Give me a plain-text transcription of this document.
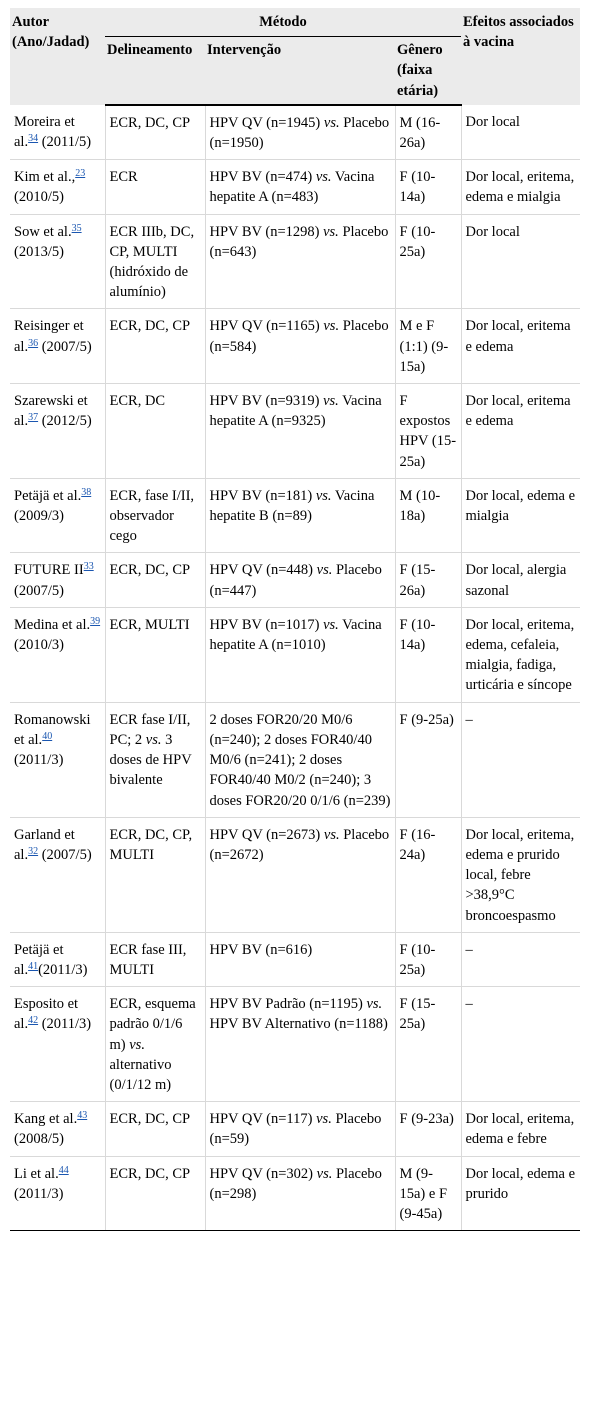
Autor (Ano/Jadad)	Método			Efeitos associados à vacina
	Delineamento	Intervenção	Gênero (faixa etária)	
Moreira et al.$^{34}$ (2011/5)	ECR, DC, CP	HPV QV (n=1945) vs. Placebo (n=1950)	M (16-26a)	Dor local
Kim et al.,$^{23}$ (2010/5)	ECR	HPV BV (n=474) vs. Vacina hepatite A (n=483)	F (10-14a)	Dor local, eritema, edema e mialgia
Sow et al.$^{35}$ (2013/5)	ECR IIIb, DC, CP, MULTI (hidróxido de alumínio)	HPV BV (n=1298) vs. Placebo (n=643)	F (10-25a)	Dor local
Reisinger et al.$^{36}$ (2007/5)	ECR, DC, CP	HPV QV (n=1165) vs. Placebo (n=584)	M e F (1:1) (9-15a)	Dor local, eritema e edema
Szarewski et al.$^{37}$ (2012/5)	ECR, DC	HPV BV (n=9319) vs. Vacina hepatite A (n=9325)	F expostos HPV (15-25a)	Dor local, eritema e edema
Petäjä et al.$^{38}$ (2009/3)	ECR, fase I/II, observador cego	HPV BV (n=181) vs. Vacina hepatite B (n=89)	M (10-18a)	Dor local, edema e mialgia
FUTURE II$^{33}$ (2007/5)	ECR, DC, CP	HPV QV (n=448) vs. Placebo (n=447)	F (15-26a)	Dor local, alergia sazonal
Medina et al.$^{39}$ (2010/3)	ECR, MULTI	HPV BV (n=1017) vs. Vacina hepatite A (n=1010)	F (10-14a)	Dor local, eritema, edema, cefaleia, mialgia, fadiga, urticária e síncope
Romanowski et al.$^{40}$ (2011/3)	ECR fase I/II, PC; 2 vs. 3 doses de HPV bivalente	2 doses FOR20/20 M0/6 (n=240); 2 doses FOR40/40 M0/6 (n=241); 2 doses FOR40/40 M0/2 (n=240); 3 doses FOR20/20 0/1/6 (n=239)	F (9-25a)	–
Garland et al.$^{32}$ (2007/5)	ECR, DC, CP, MULTI	HPV QV (n=2673) vs. Placebo (n=2672)	F (16-24a)	Dor local, eritema, edema e prurido local, febre >38,9°C broncoespasmo
Petäjä et al.$^{41}$(2011/3)	ECR fase III, MULTI	HPV BV (n=616)	F (10-25a)	–
Esposito et al.$^{42}$ (2011/3)	ECR, esquema padrão 0/1/6 m) vs. alternativo (0/1/12 m)	HPV BV Padrão (n=1195) vs. HPV BV Alternativo (n=1188)	F (15-25a)	–
Kang et al.$^{43}$ (2008/5)	ECR, DC, CP	HPV QV (n=117) vs. Placebo (n=59)	F (9-23a)	Dor local, eritema, edema e febre
Li et al.$^{44}$ (2011/3)	ECR, DC, CP	HPV QV (n=302) vs. Placebo (n=298)	M (9-15a) e F (9-45a)	Dor local, edema e prurido
